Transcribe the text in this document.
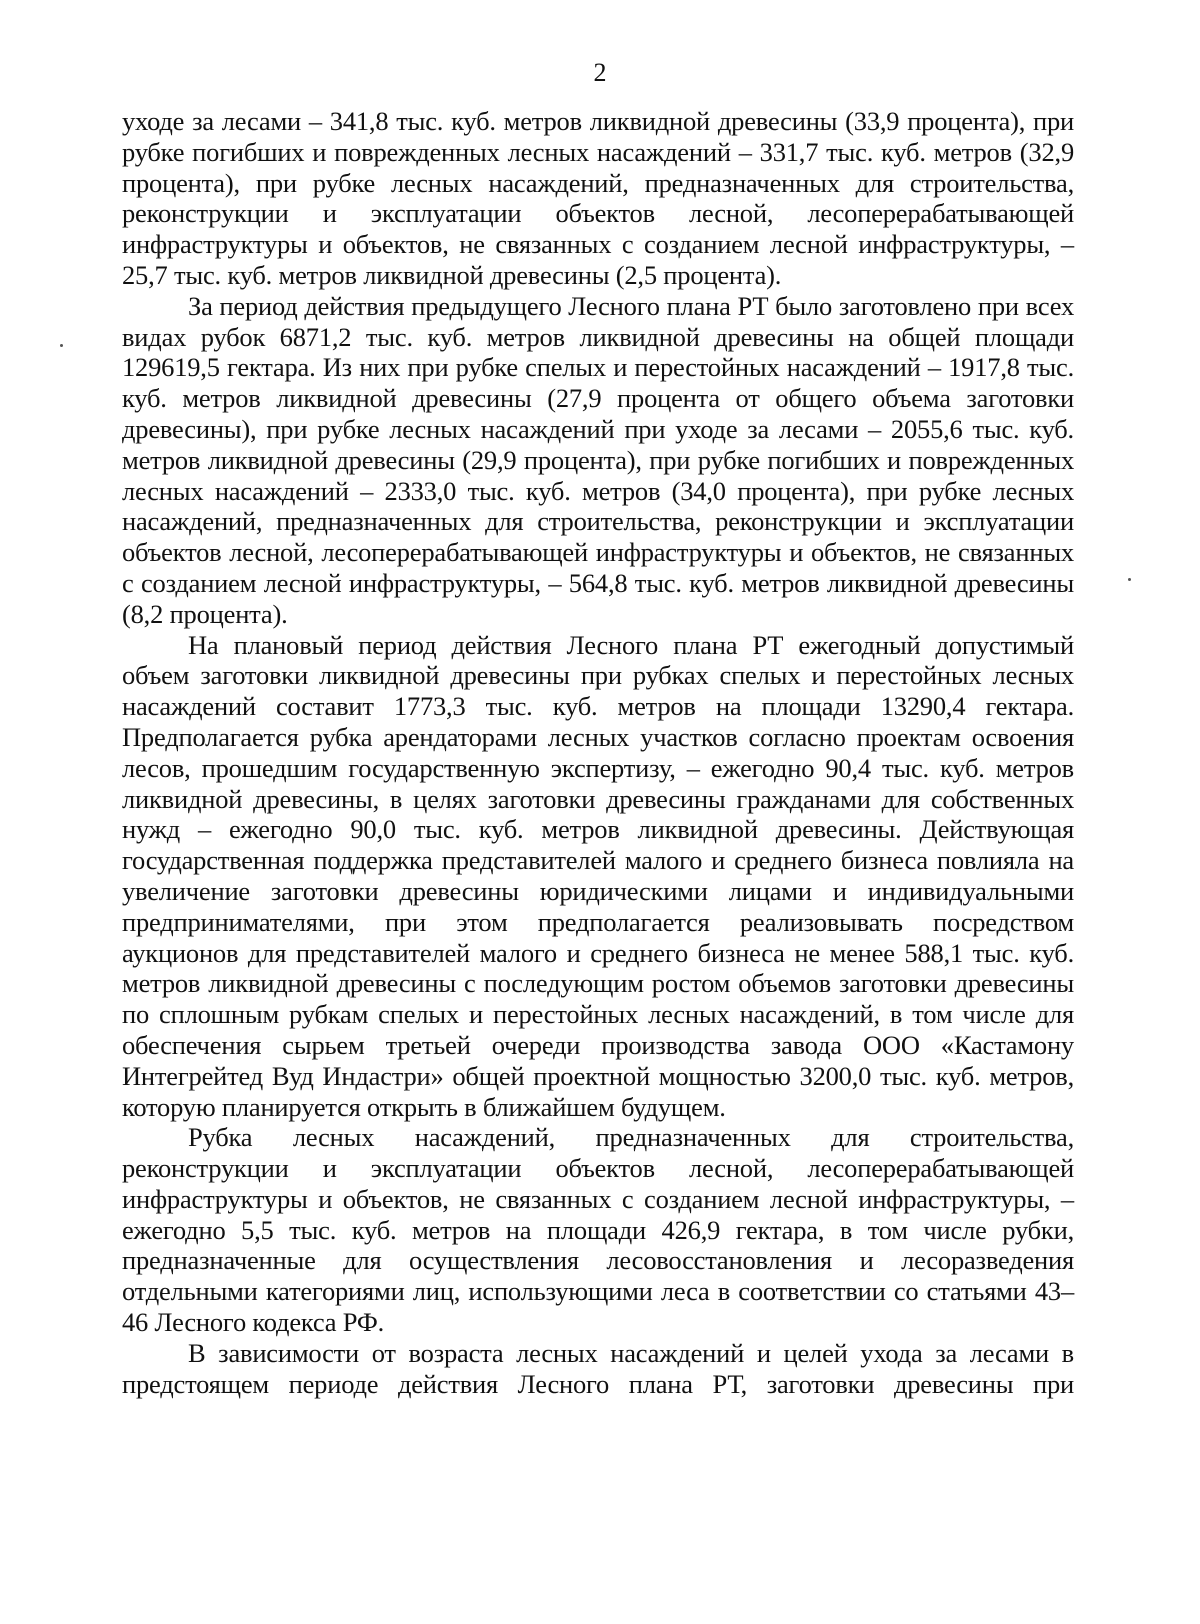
2

уходе за лесами – 341,8 тыс. куб. метров ликвидной древесины (33,9 процента), при рубке погибших и поврежденных лесных насаждений – 331,7 тыс. куб. метров (32,9 процента), при рубке лесных насаждений, предназначенных для строительства, реконструкции и эксплуатации объектов лесной, лесоперерабатывающей инфраструктуры и объектов, не связанных с созданием лесной инфраструктуры, – 25,7 тыс. куб. метров ликвидной древесины (2,5 процента).

За период действия предыдущего Лесного плана РТ было заготовлено при всех видах рубок 6871,2 тыс. куб. метров ликвидной древесины на общей площади 129619,5 гектара. Из них при рубке спелых и перестойных насаждений – 1917,8 тыс. куб. метров ликвидной древесины (27,9 процента от общего объема заготовки древесины), при рубке лесных насаждений при уходе за лесами – 2055,6 тыс. куб. метров ликвидной древесины (29,9 процента), при рубке погибших и поврежденных лесных насаждений – 2333,0 тыс. куб. метров (34,0 процента), при рубке лесных насаждений, предназначенных для строительства, реконструкции и эксплуатации объектов лесной, лесоперерабатывающей инфраструктуры и объектов, не связанных с созданием лесной инфраструктуры, – 564,8 тыс. куб. метров ликвидной древесины (8,2 процента).

На плановый период действия Лесного плана РТ ежегодный допустимый объем заготовки ликвидной древесины при рубках спелых и перестойных лесных насаждений составит 1773,3 тыс. куб. метров на площади 13290,4 гектара. Предполагается рубка арендаторами лесных участков согласно проектам освоения лесов, прошедшим государственную экспертизу, – ежегодно 90,4 тыс. куб. метров ликвидной древесины, в целях заготовки древесины гражданами для собственных нужд – ежегодно 90,0 тыс. куб. метров ликвидной древесины. Действующая государственная поддержка представителей малого и среднего бизнеса повлияла на увеличение заготовки древесины юридическими лицами и индивидуальными предпринимателями, при этом предполагается реализовывать посредством аукционов для представителей малого и среднего бизнеса не менее 588,1 тыс. куб. метров ликвидной древесины с последующим ростом объемов заготовки древесины по сплошным рубкам спелых и перестойных лесных насаждений, в том числе для обеспечения сырьем третьей очереди производства завода ООО «Кастамону Интегрейтед Вуд Индастри» общей проектной мощностью 3200,0 тыс. куб. метров, которую планируется открыть в ближайшем будущем.

Рубка лесных насаждений, предназначенных для строительства, реконструкции и эксплуатации объектов лесной, лесоперерабатывающей инфраструктуры и объектов, не связанных с созданием лесной инфраструктуры, – ежегодно 5,5 тыс. куб. метров на площади 426,9 гектара, в том числе рубки, предназначенные для осуществления лесовосстановления и лесоразведения отдельными категориями лиц, использующими леса в соответствии со статьями 43–46 Лесного кодекса РФ.

В зависимости от возраста лесных насаждений и целей ухода за лесами в предстоящем периоде действия Лесного плана РТ, заготовки древесины при
